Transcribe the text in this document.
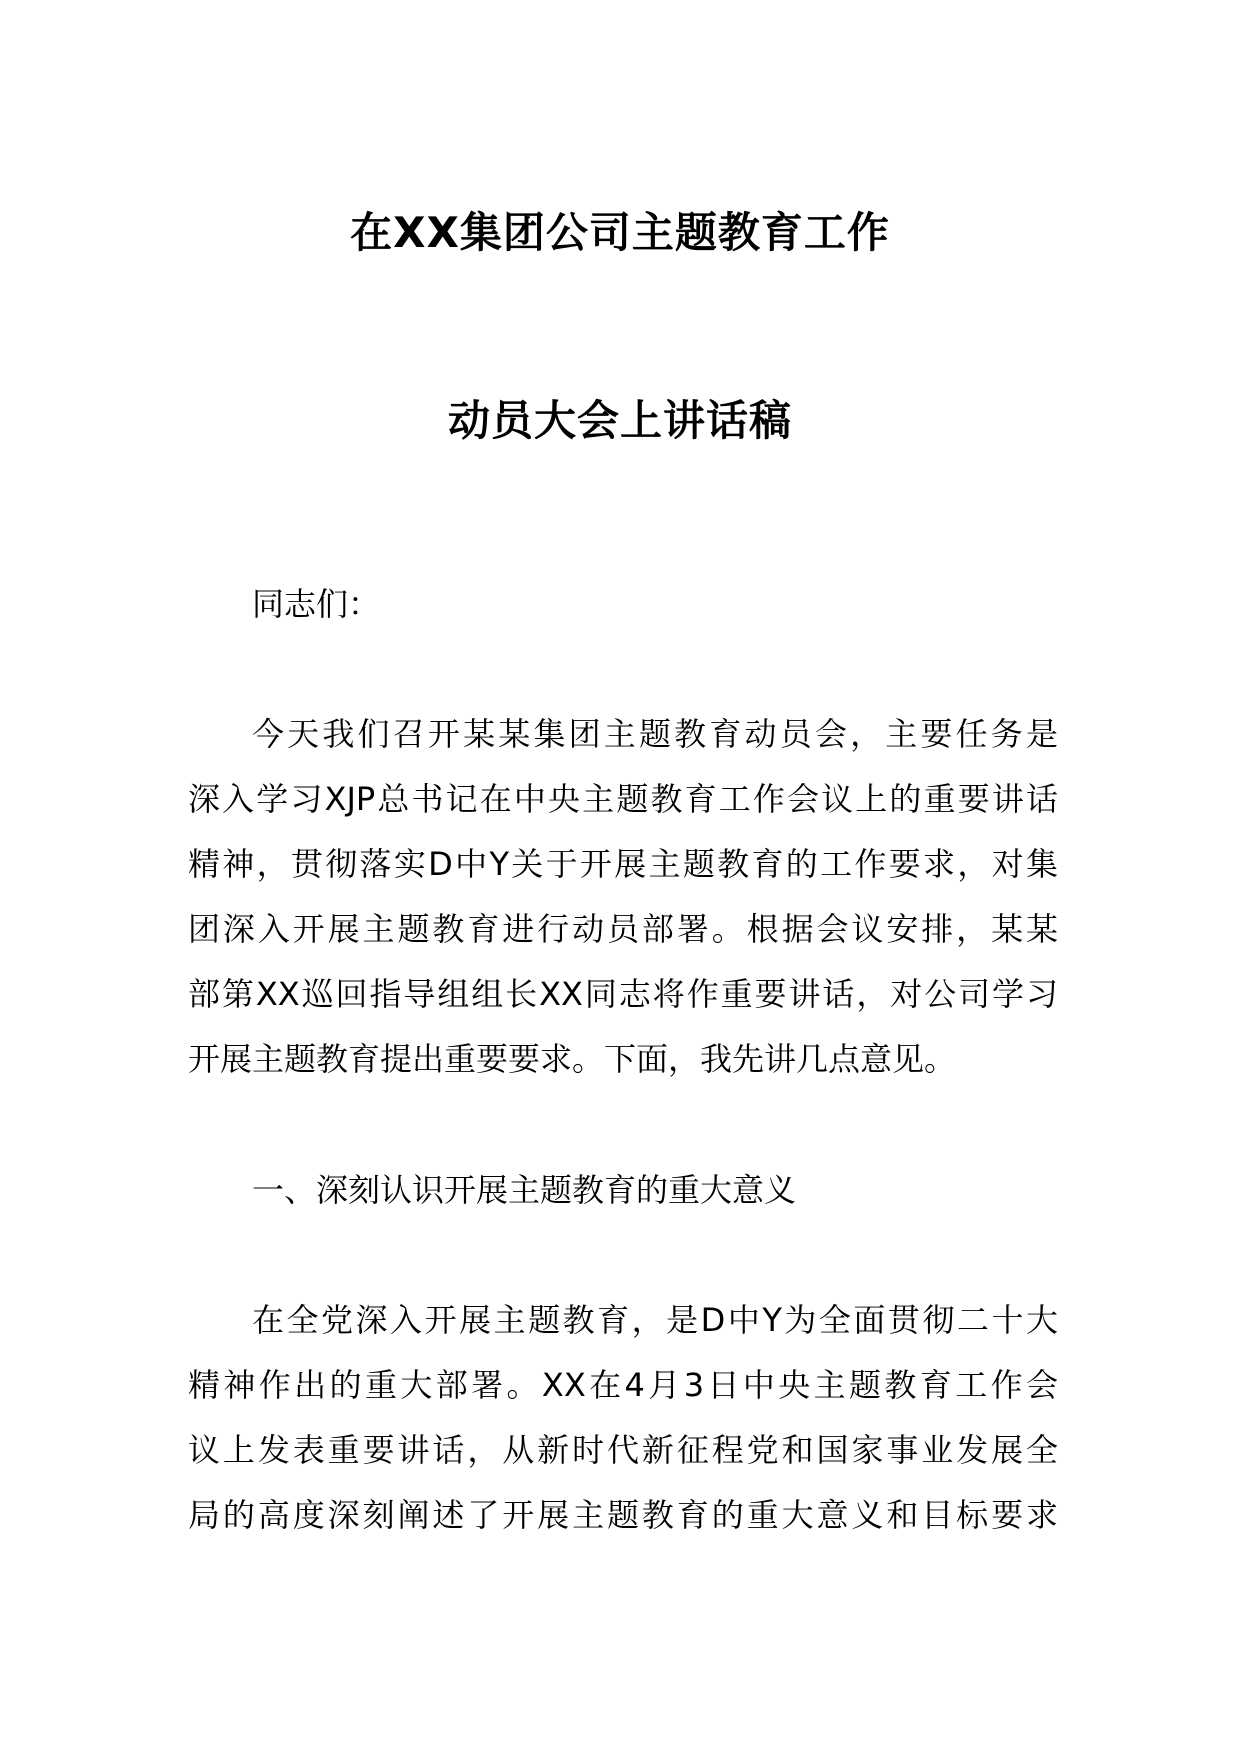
在XX集团公司主题教育工作
动员大会上讲话稿
同志们：
今天我们召开某某集团主题教育动员会，主要任务是
深入学习XJP总书记在中央主题教育工作会议上的重要讲话
精神，贯彻落实D中Y关于开展主题教育的工作要求，对集
团深入开展主题教育进行动员部署。根据会议安排，某某
部第XX巡回指导组组长XX同志将作重要讲话，对公司学习
开展主题教育提出重要要求。下面，我先讲几点意见。
一、深刻认识开展主题教育的重大意义
在全党深入开展主题教育，是D中Y为全面贯彻二十大
精神作出的重大部署。XX在4月3日中央主题教育工作会
议上发表重要讲话，从新时代新征程党和国家事业发展全
局的高度深刻阐述了开展主题教育的重大意义和目标要求
